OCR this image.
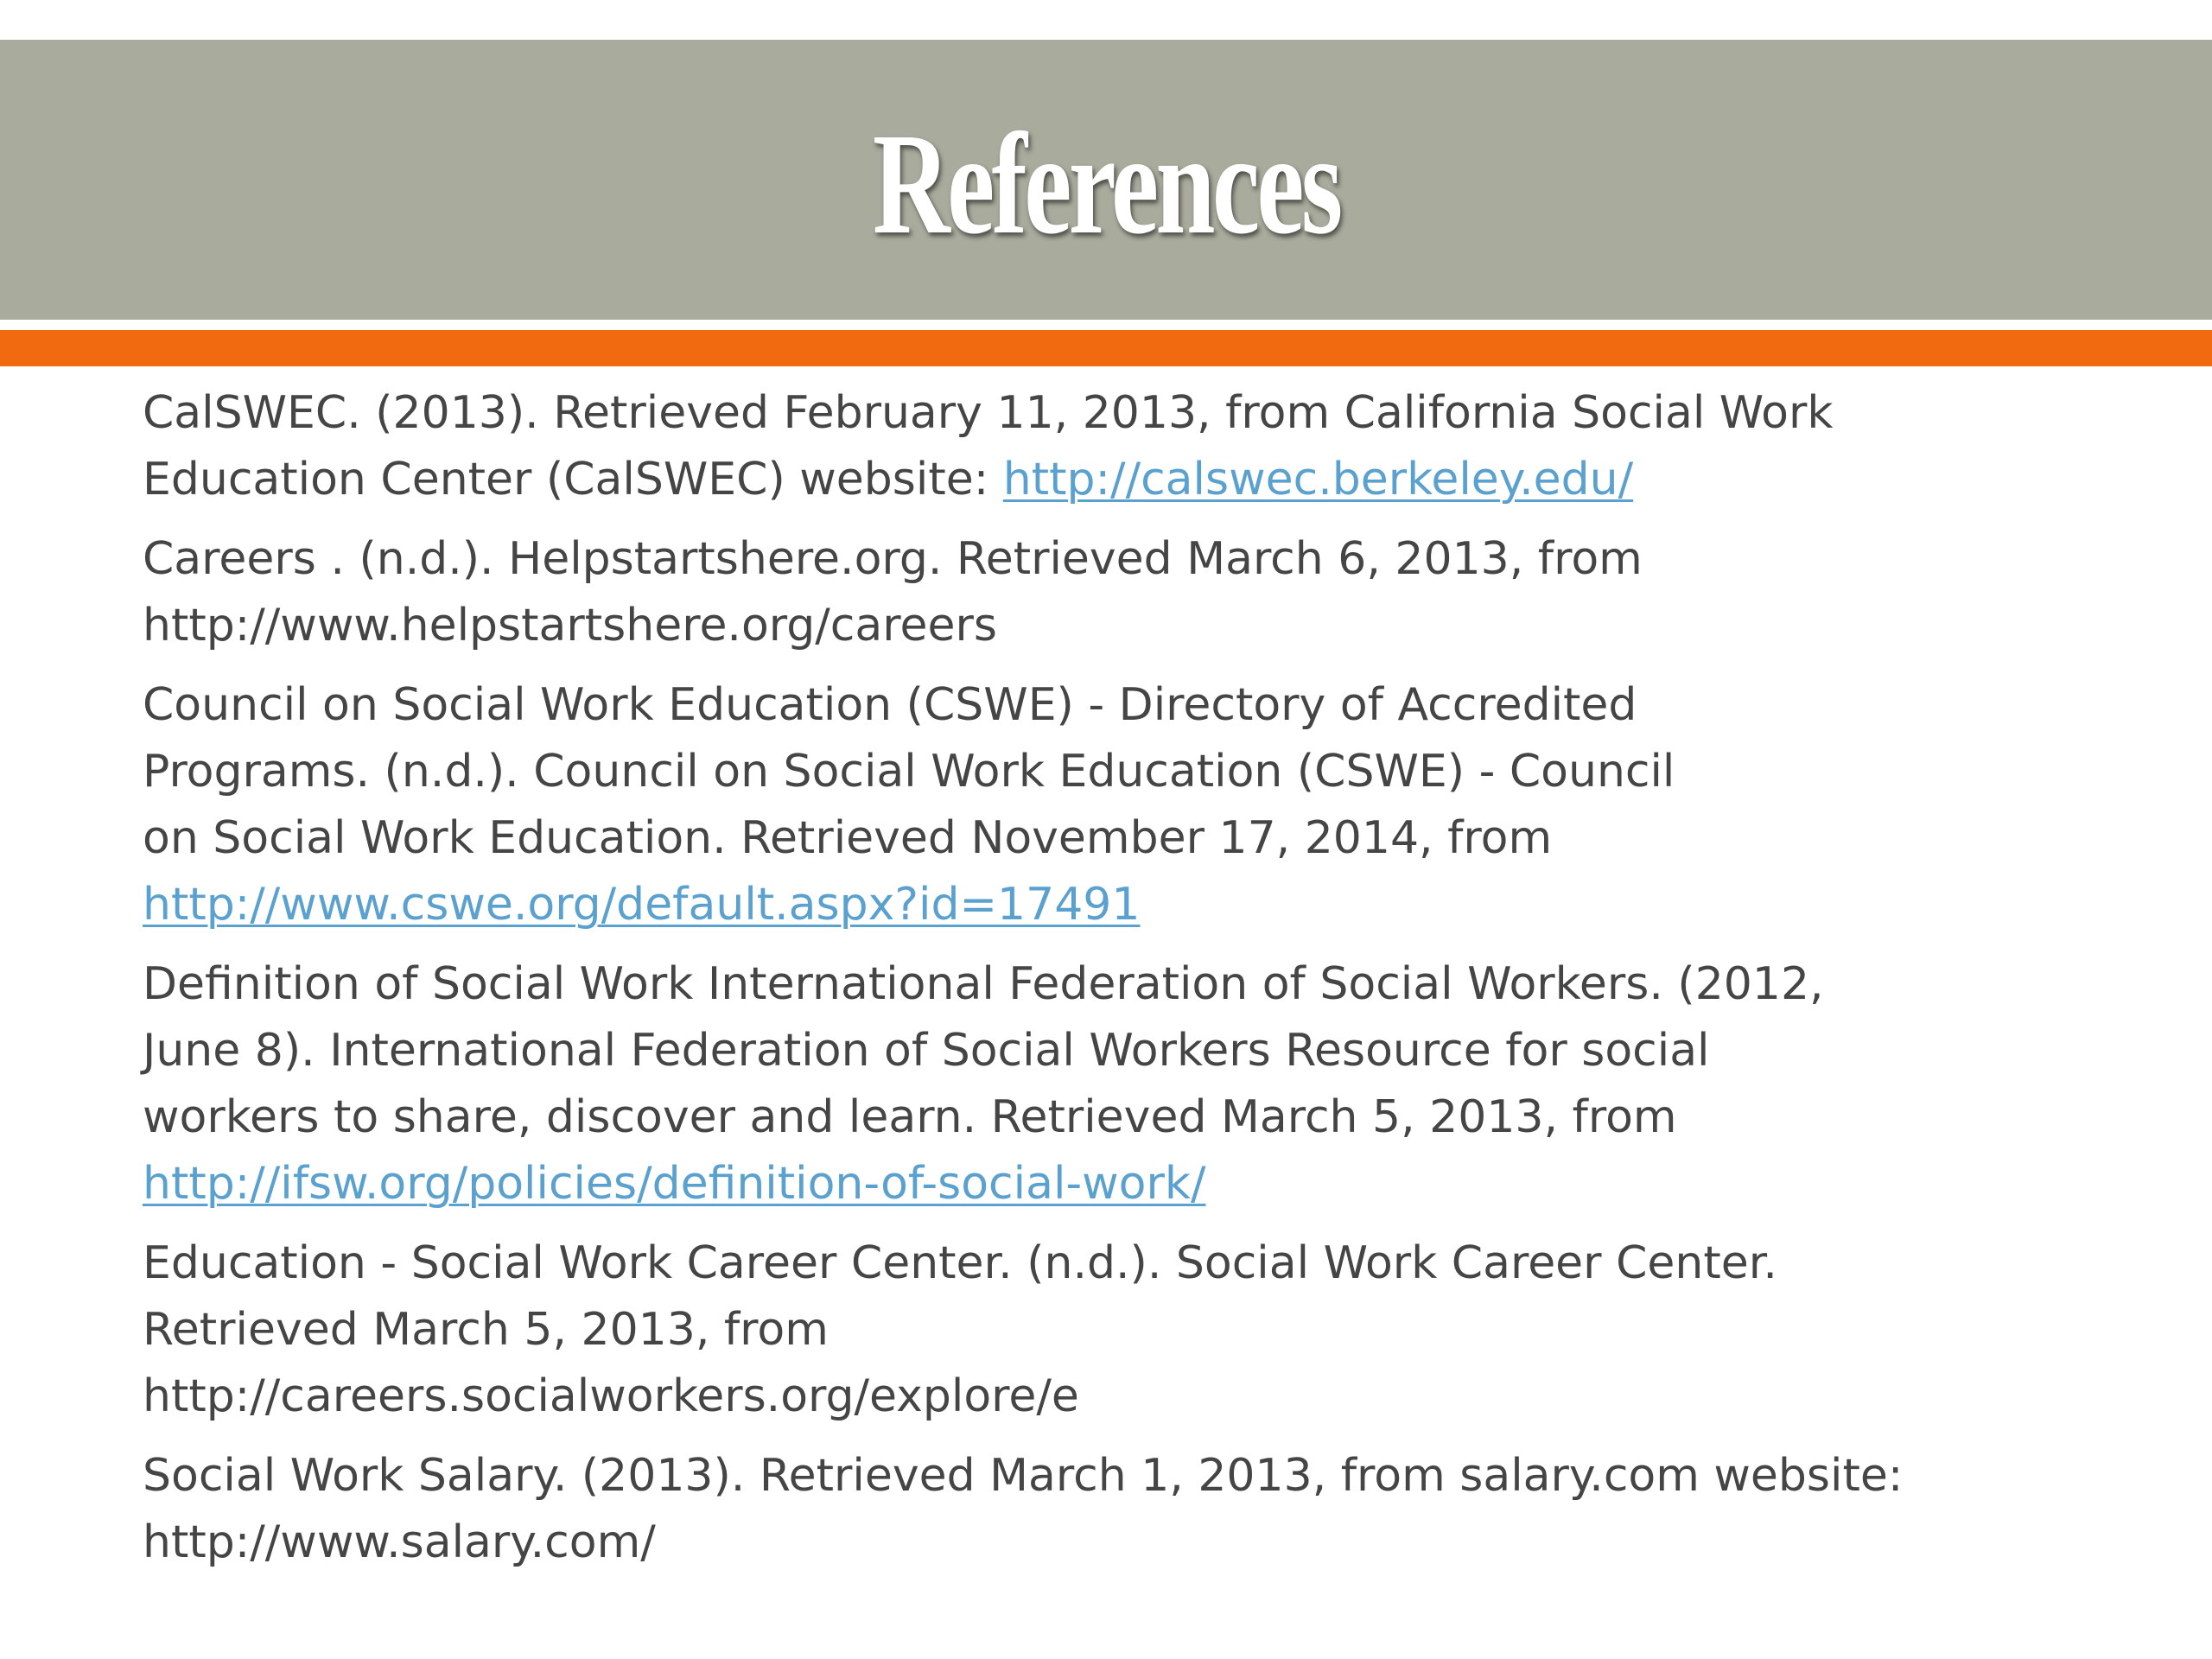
References
CalSWEC. (2013). Retrieved February 11, 2013, from California Social Work
Education Center (CalSWEC) website: http://calswec.berkeley.edu/
Careers . (n.d.). Helpstartshere.org. Retrieved March 6, 2013, from
http://www.helpstartshere.org/careers
Council on Social Work Education (CSWE) - Directory of Accredited
Programs. (n.d.). Council on Social Work Education (CSWE) - Council
on Social Work Education. Retrieved November 17, 2014, from
http://www.cswe.org/default.aspx?id=17491
Definition of Social Work International Federation of Social Workers. (2012,
June 8). International Federation of Social Workers Resource for social
workers to share, discover and learn. Retrieved March 5, 2013, from
http://ifsw.org/policies/definition-of-social-work/
Education - Social Work Career Center. (n.d.). Social Work Career Center.
Retrieved March 5, 2013, from
http://careers.socialworkers.org/explore/e
Social Work Salary. (2013). Retrieved March 1, 2013, from salary.com website:
http://www.salary.com/
